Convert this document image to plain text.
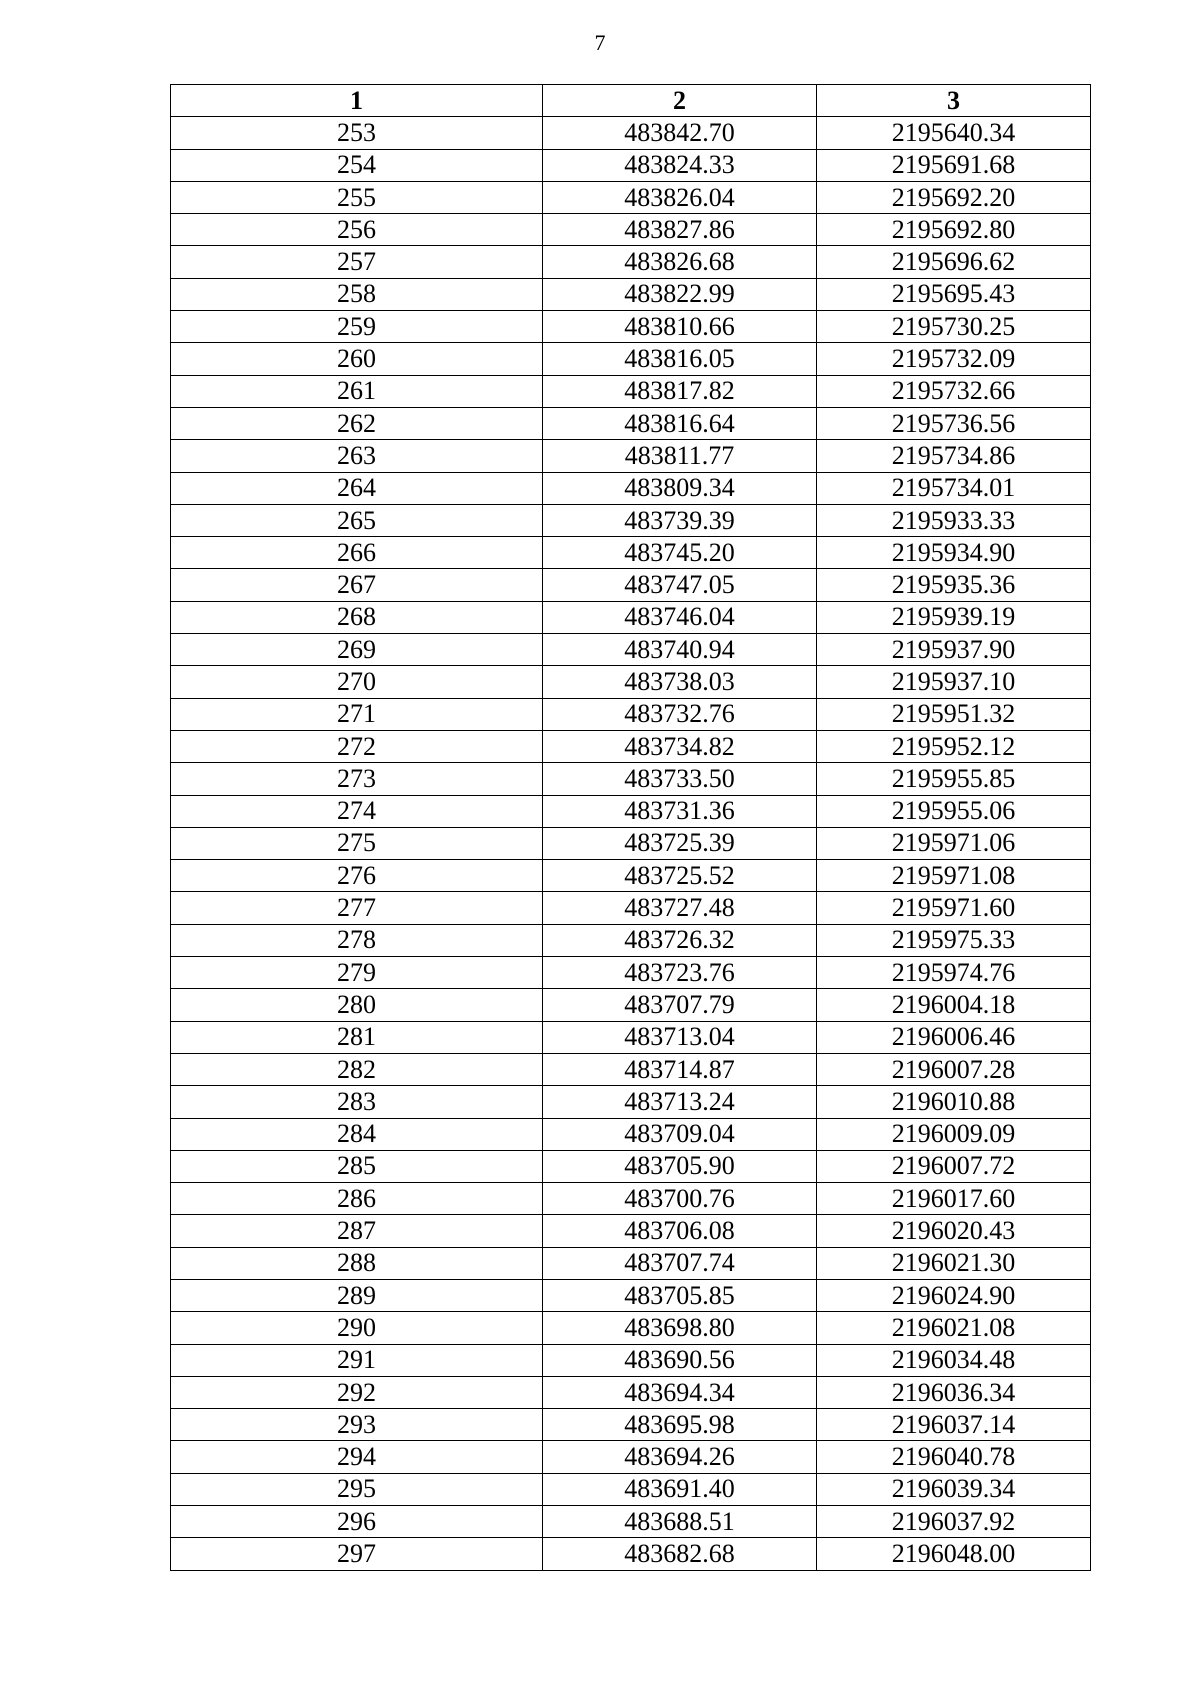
7
1	2	3
253	483842.70	2195640.34
254	483824.33	2195691.68
255	483826.04	2195692.20
256	483827.86	2195692.80
257	483826.68	2195696.62
258	483822.99	2195695.43
259	483810.66	2195730.25
260	483816.05	2195732.09
261	483817.82	2195732.66
262	483816.64	2195736.56
263	483811.77	2195734.86
264	483809.34	2195734.01
265	483739.39	2195933.33
266	483745.20	2195934.90
267	483747.05	2195935.36
268	483746.04	2195939.19
269	483740.94	2195937.90
270	483738.03	2195937.10
271	483732.76	2195951.32
272	483734.82	2195952.12
273	483733.50	2195955.85
274	483731.36	2195955.06
275	483725.39	2195971.06
276	483725.52	2195971.08
277	483727.48	2195971.60
278	483726.32	2195975.33
279	483723.76	2195974.76
280	483707.79	2196004.18
281	483713.04	2196006.46
282	483714.87	2196007.28
283	483713.24	2196010.88
284	483709.04	2196009.09
285	483705.90	2196007.72
286	483700.76	2196017.60
287	483706.08	2196020.43
288	483707.74	2196021.30
289	483705.85	2196024.90
290	483698.80	2196021.08
291	483690.56	2196034.48
292	483694.34	2196036.34
293	483695.98	2196037.14
294	483694.26	2196040.78
295	483691.40	2196039.34
296	483688.51	2196037.92
297	483682.68	2196048.00
